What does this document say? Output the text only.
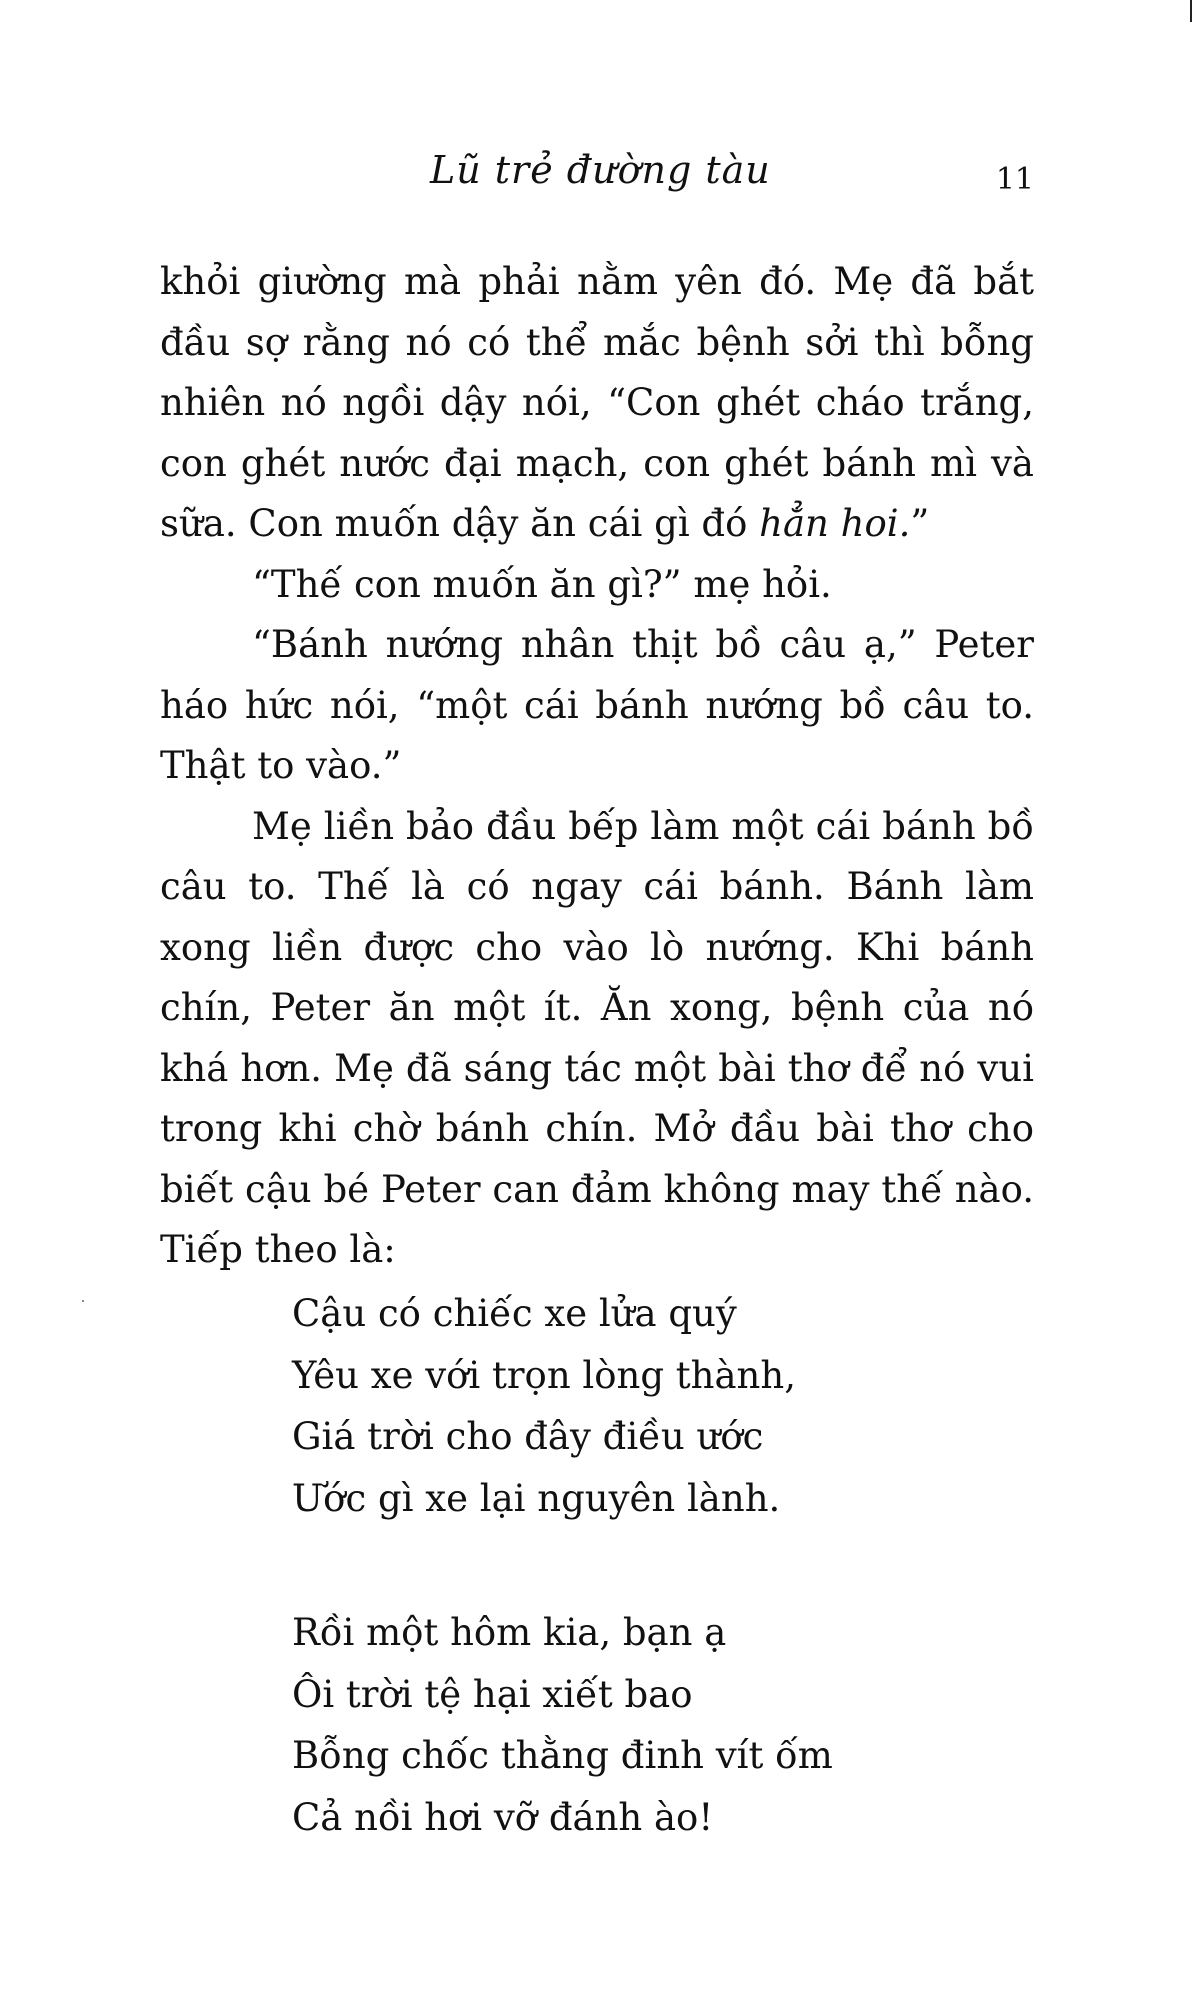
Lũ trẻ đường tàu	11

khỏi giường mà phải nằm yên đó. Mẹ đã bắt đầu sợ rằng nó có thể mắc bệnh sởi thì bỗng nhiên nó ngồi dậy nói, “Con ghét cháo trắng, con ghét nước đại mạch, con ghét bánh mì và sữa. Con muốn dậy ăn cái gì đó hẳn hoi.”

“Thế con muốn ăn gì?” mẹ hỏi.

“Bánh nướng nhân thịt bồ câu ạ,” Peter háo hức nói, “một cái bánh nướng bồ câu to. Thật to vào.”

Mẹ liền bảo đầu bếp làm một cái bánh bồ câu to. Thế là có ngay cái bánh. Bánh làm xong liền được cho vào lò nướng. Khi bánh chín, Peter ăn một ít. Ăn xong, bệnh của nó khá hơn. Mẹ đã sáng tác một bài thơ để nó vui trong khi chờ bánh chín. Mở đầu bài thơ cho biết cậu bé Peter can đảm không may thế nào. Tiếp theo là:

Cậu có chiếc xe lửa quý
Yêu xe với trọn lòng thành,
Giá trời cho đây điều ước
Ước gì xe lại nguyên lành.
Rồi một hôm kia, bạn ạ
Ôi trời tệ hại xiết bao
Bỗng chốc thằng đinh vít ốm
Cả nồi hơi vỡ đánh ào!
